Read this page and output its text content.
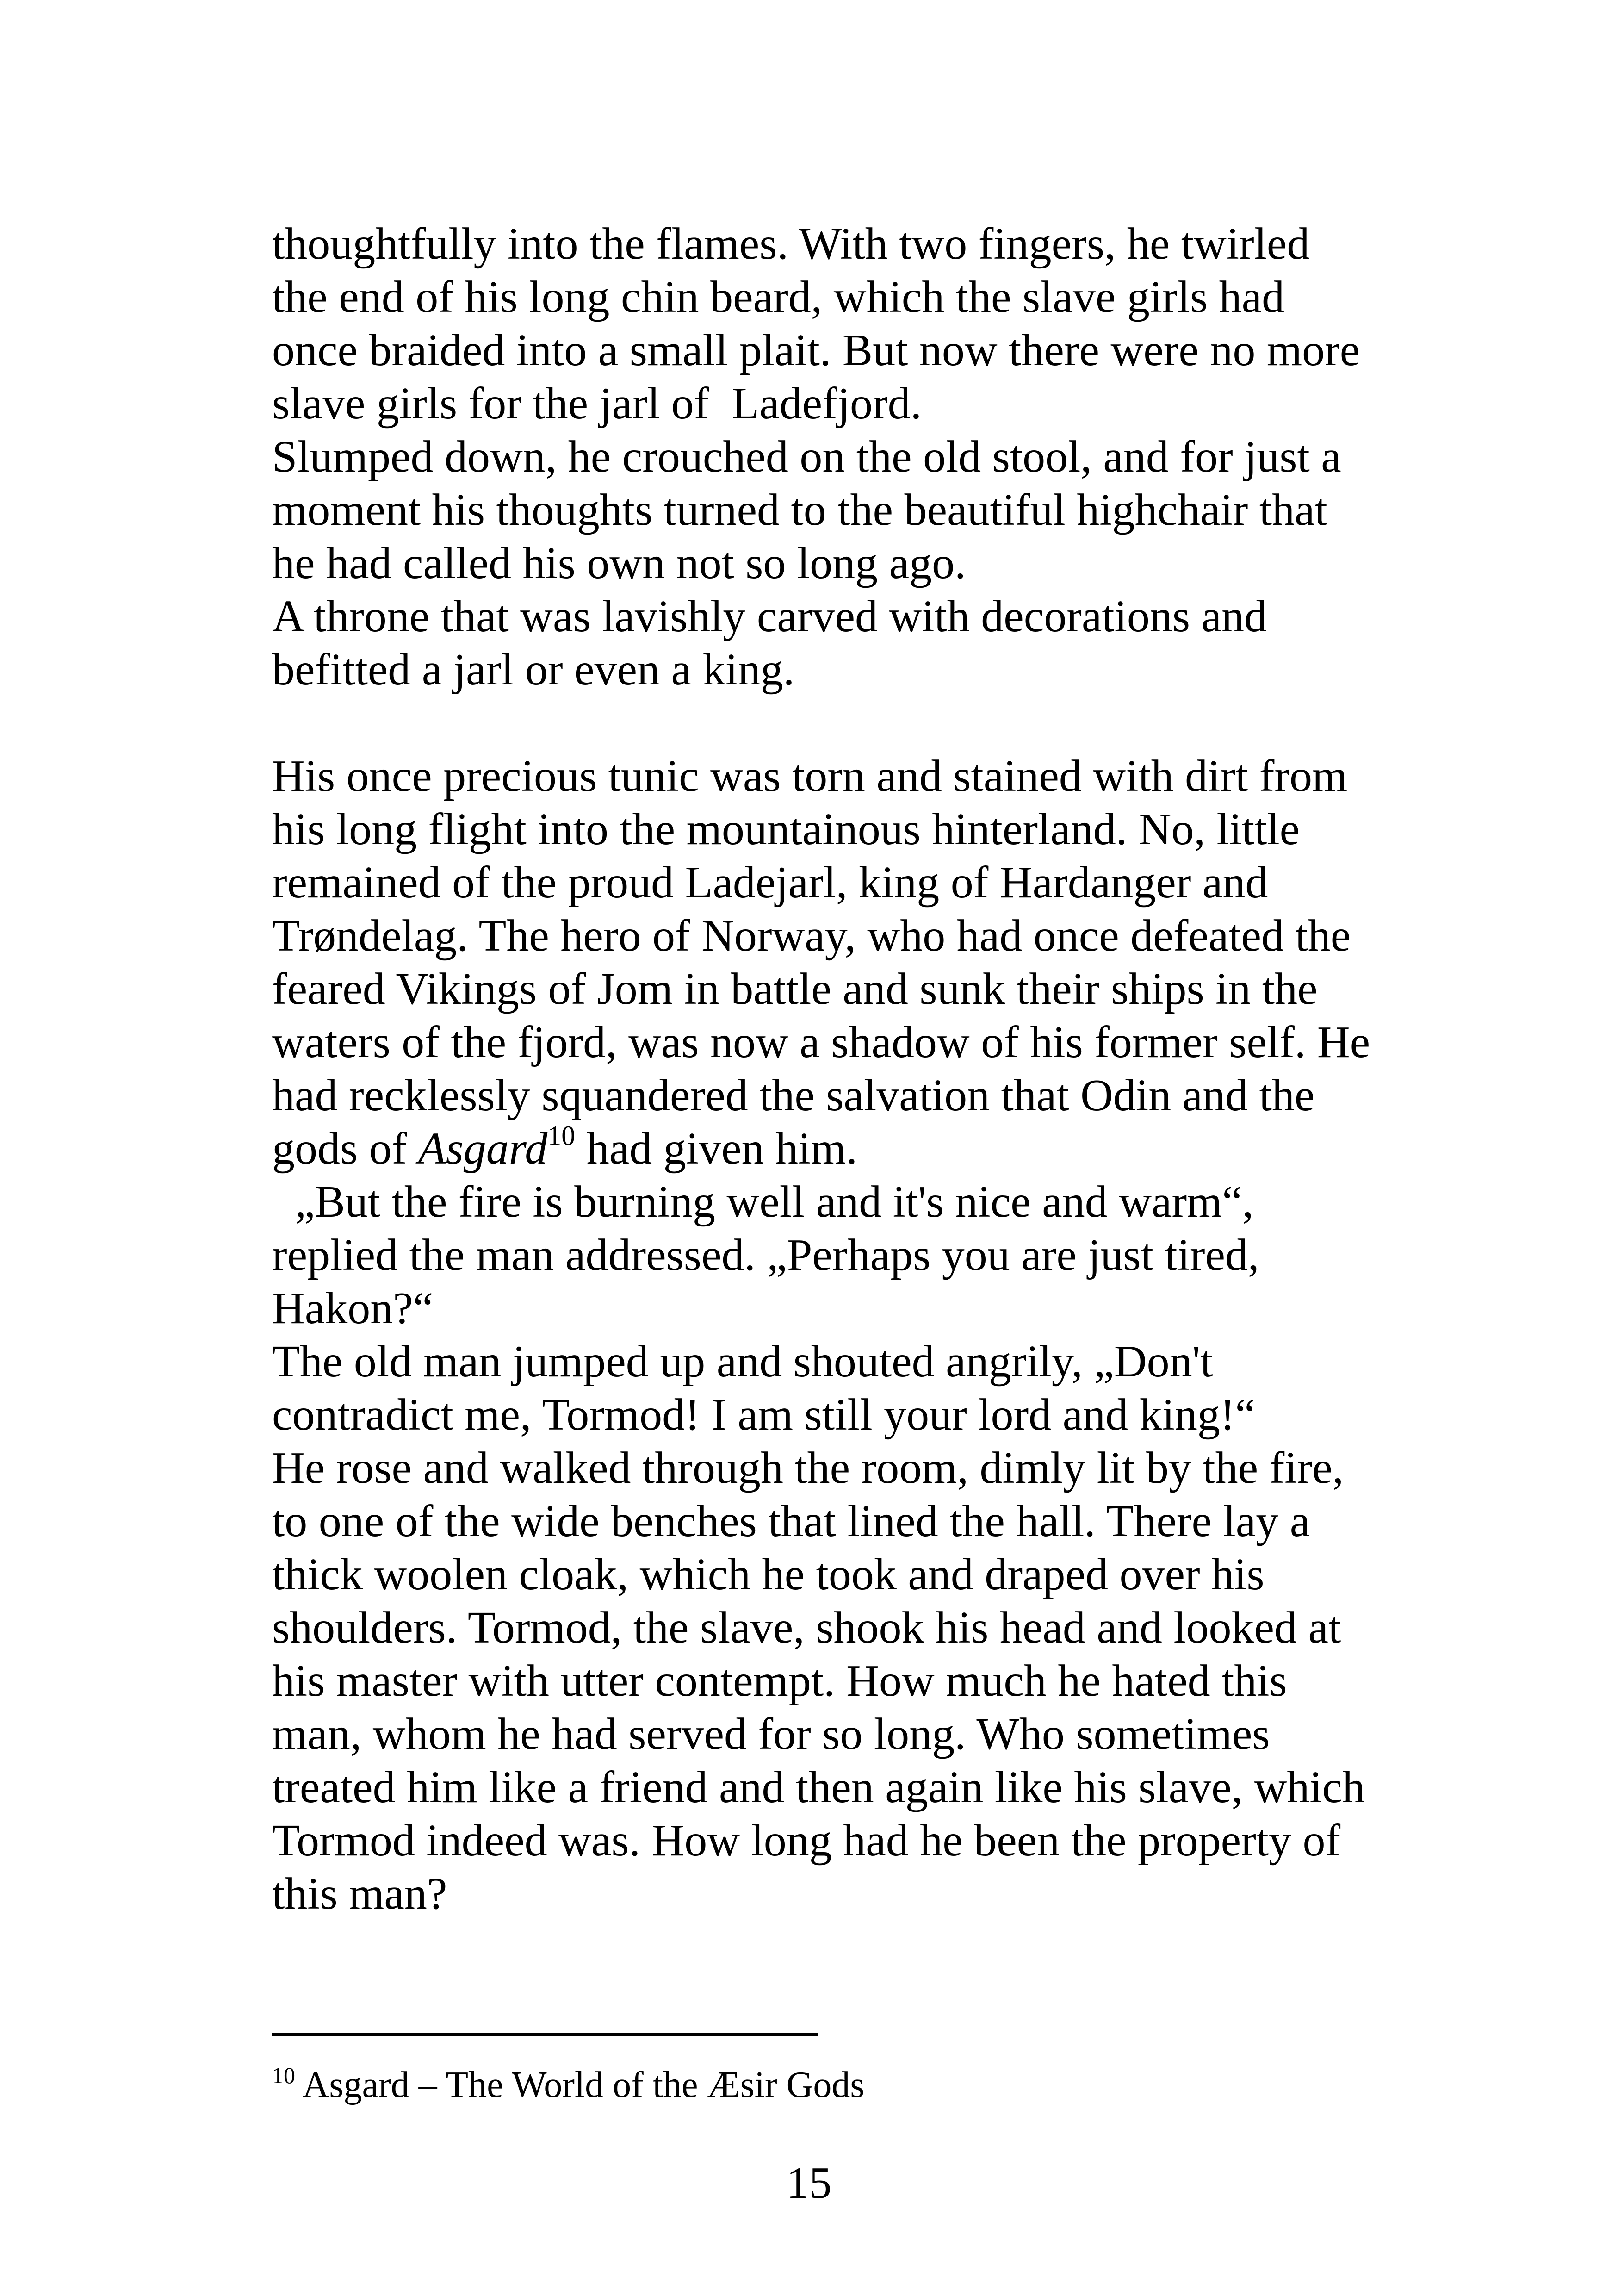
thoughtfully into the flames. With two fingers, he twirled
the end of his long chin beard, which the slave girls had
once braided into a small plait. But now there were no more
slave girls for the jarl of  Ladefjord.
Slumped down, he crouched on the old stool, and for just a
moment his thoughts turned to the beautiful highchair that
he had called his own not so long ago.
A throne that was lavishly carved with decorations and
befitted a jarl or even a king.
His once precious tunic was torn and stained with dirt from
his long flight into the mountainous hinterland. No, little
remained of the proud Ladejarl, king of Hardanger and
Trøndelag. The hero of Norway, who had once defeated the
feared Vikings of Jom in battle and sunk their ships in the
waters of the fjord, was now a shadow of his former self. He
had recklessly squandered the salvation that Odin and the
gods of Asgard$^{10}$ had given him.
„But the fire is burning well and it's nice and warm“,
replied the man addressed. „Perhaps you are just tired,
Hakon?“
The old man jumped up and shouted angrily, „Don't
contradict me, Tormod! I am still your lord and king!“
He rose and walked through the room, dimly lit by the fire,
to one of the wide benches that lined the hall. There lay a
thick woolen cloak, which he took and draped over his
shoulders. Tormod, the slave, shook his head and looked at
his master with utter contempt. How much he hated this
man, whom he had served for so long. Who sometimes
treated him like a friend and then again like his slave, which
Tormod indeed was. How long had he been the property of
this man?
$^{10}$ Asgard – The World of the Æsir Gods
15
